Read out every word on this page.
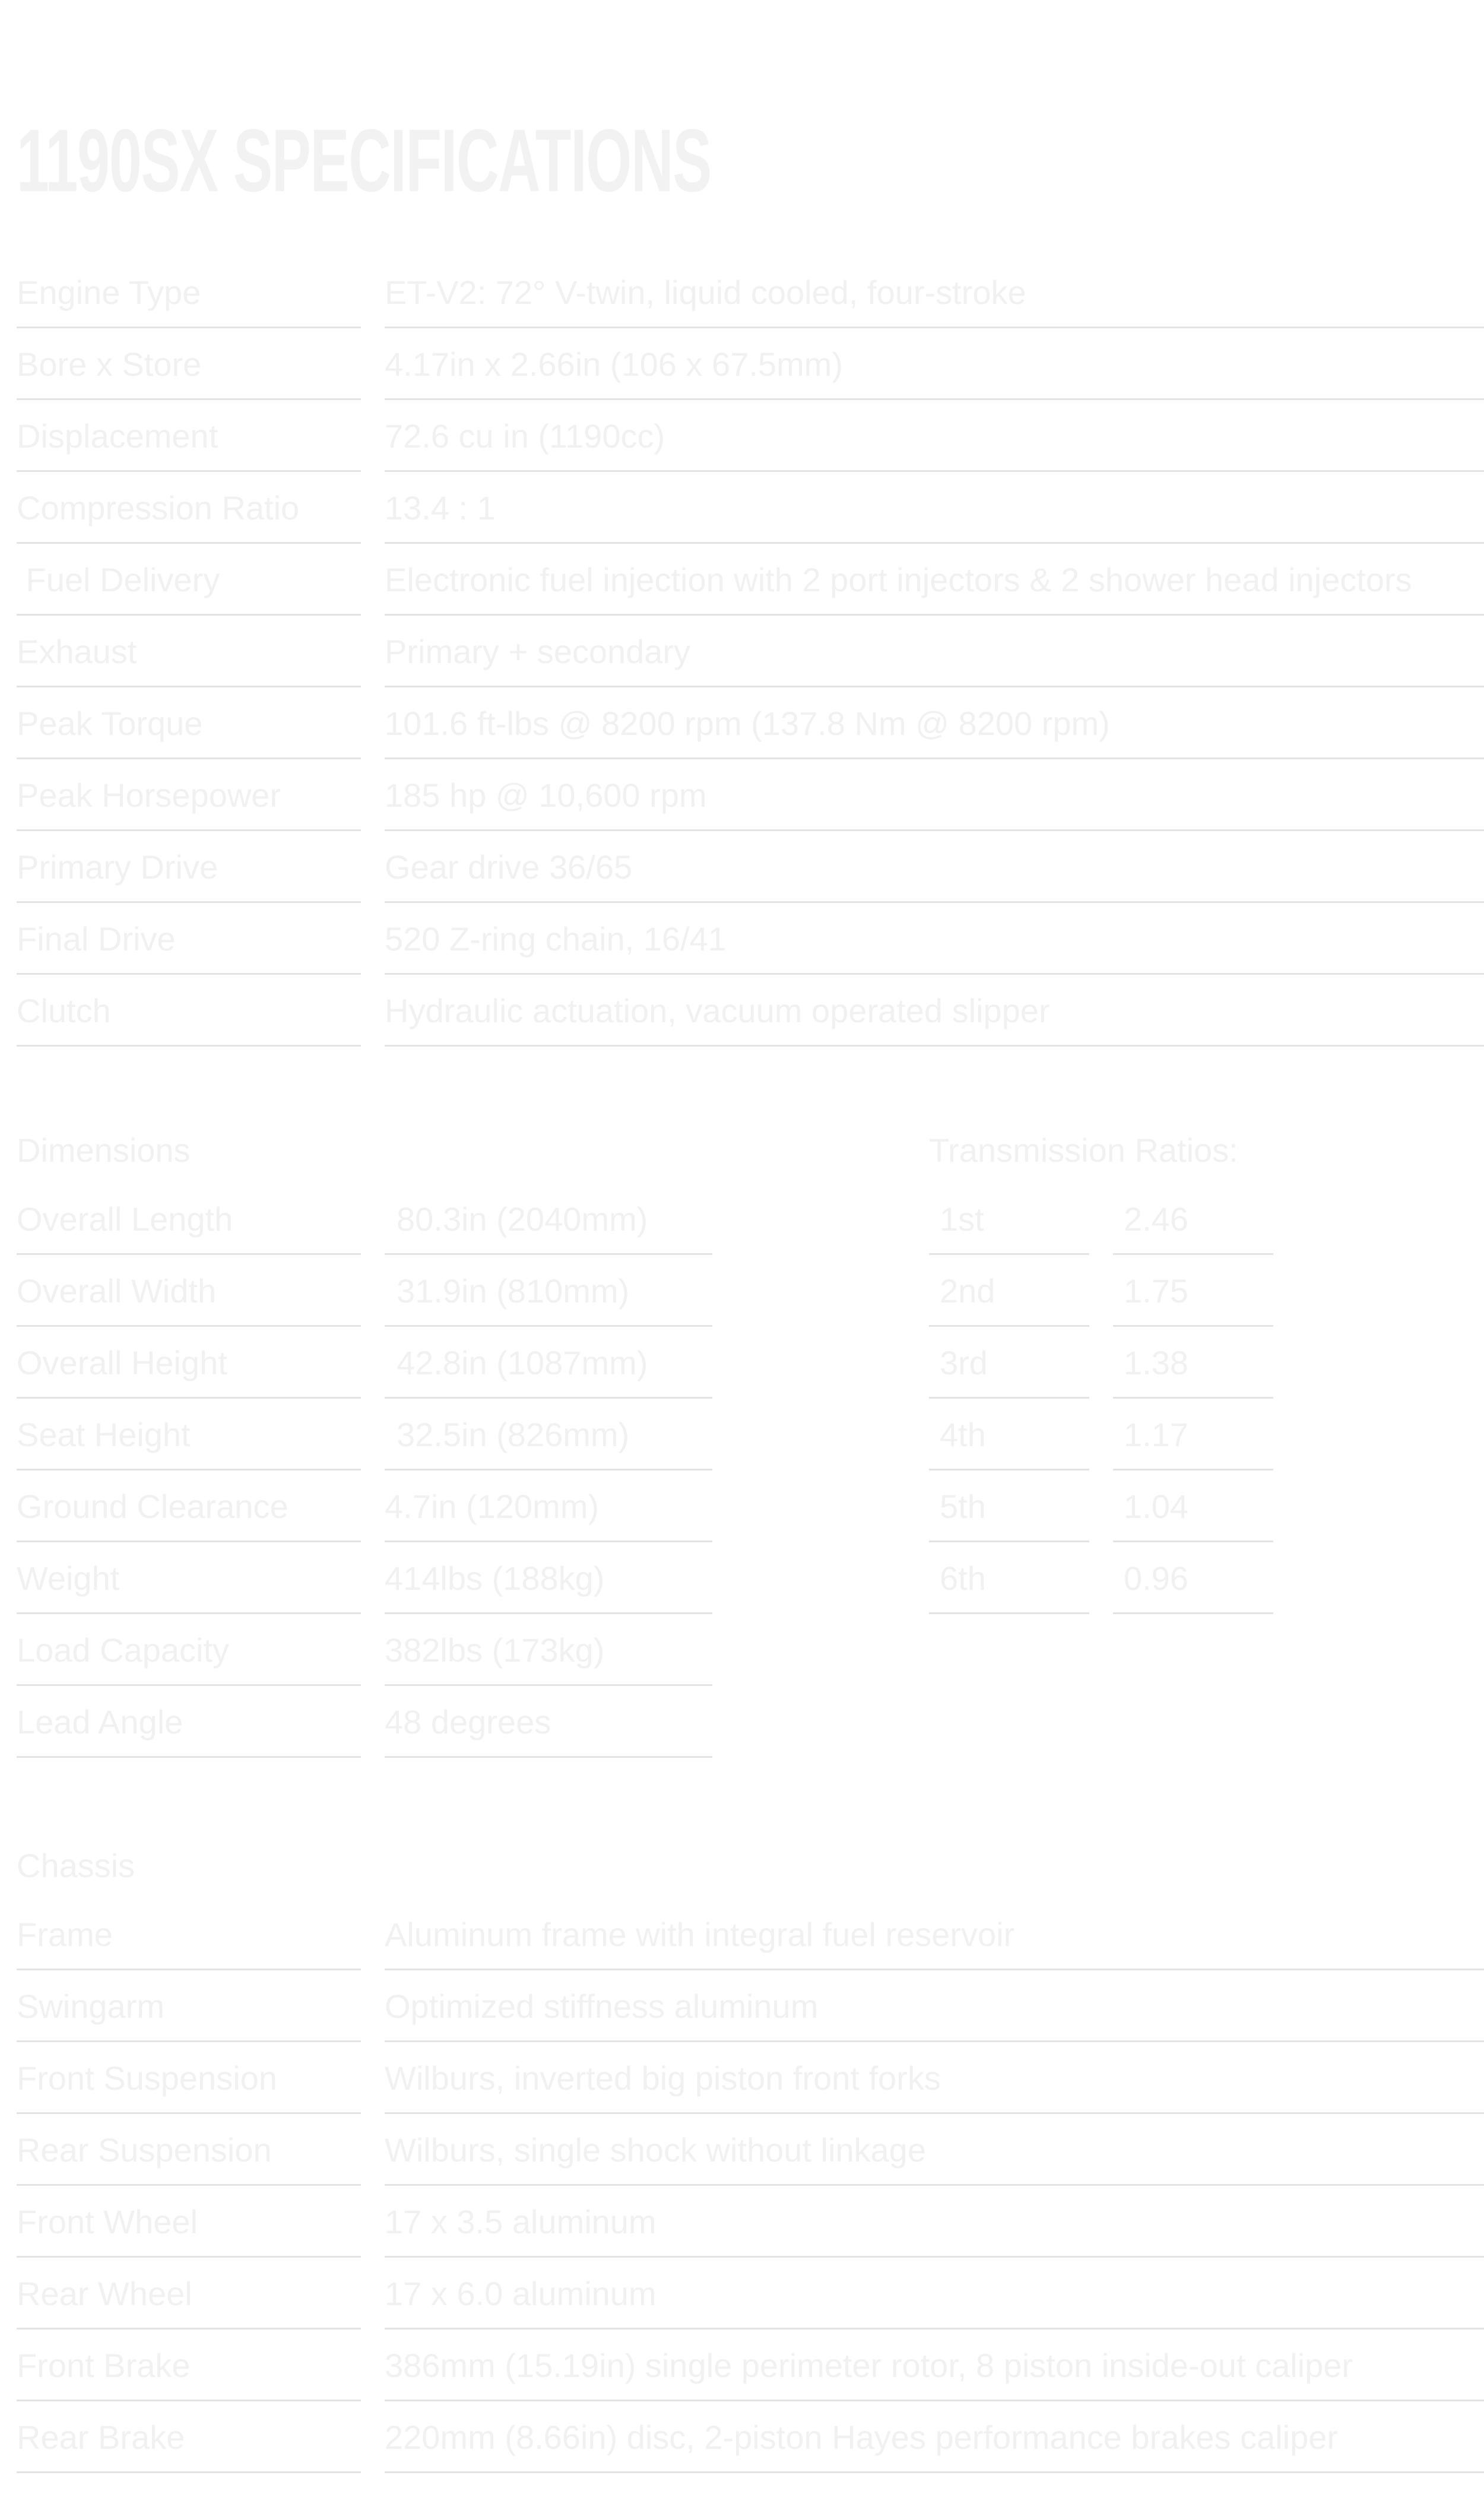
1190SX SPECIFICATIONS
Engine Type	ET-V2: 72° V-twin, liquid cooled, four-stroke
Bore x Store	4.17in x 2.66in (106 x 67.5mm)
Displacement	72.6 cu in (1190cc)
Compression Ratio	13.4 : 1
Fuel Delivery	Electronic fuel injection with 2 port injectors & 2 shower head injectors
Exhaust	Primary + secondary
Peak Torque	101.6 ft-lbs @ 8200 rpm (137.8 Nm @ 8200 rpm)
Peak Horsepower	185 hp @ 10,600 rpm
Primary Drive	Gear drive 36/65
Final Drive	520 Z-ring chain, 16/41
Clutch	Hydraulic actuation, vacuum operated slipper
Dimensions
Overall Length	80.3in (2040mm)
Overall Width	31.9in (810mm)
Overall Height	42.8in (1087mm)
Seat Height	32.5in (826mm)
Ground Clearance	4.7in (120mm)
Weight	414lbs (188kg)
Load Capacity	382lbs (173kg)
Lead Angle	48 degrees
Transmission Ratios:
1st	2.46
2nd	1.75
3rd	1.38
4th	1.17
5th	1.04
6th	0.96
Chassis
Frame	Aluminum frame with integral fuel reservoir
Swingarm	Optimized stiffness aluminum
Front Suspension	Wilburs, inverted big piston front forks
Rear Suspension	Wilburs, single shock without linkage
Front Wheel	17 x 3.5 aluminum
Rear Wheel	17 x 6.0 aluminum
Front Brake	386mm (15.19in) single perimeter rotor, 8 piston inside-out caliper
Rear Brake	220mm (8.66in) disc, 2-piston Hayes performance brakes caliper
